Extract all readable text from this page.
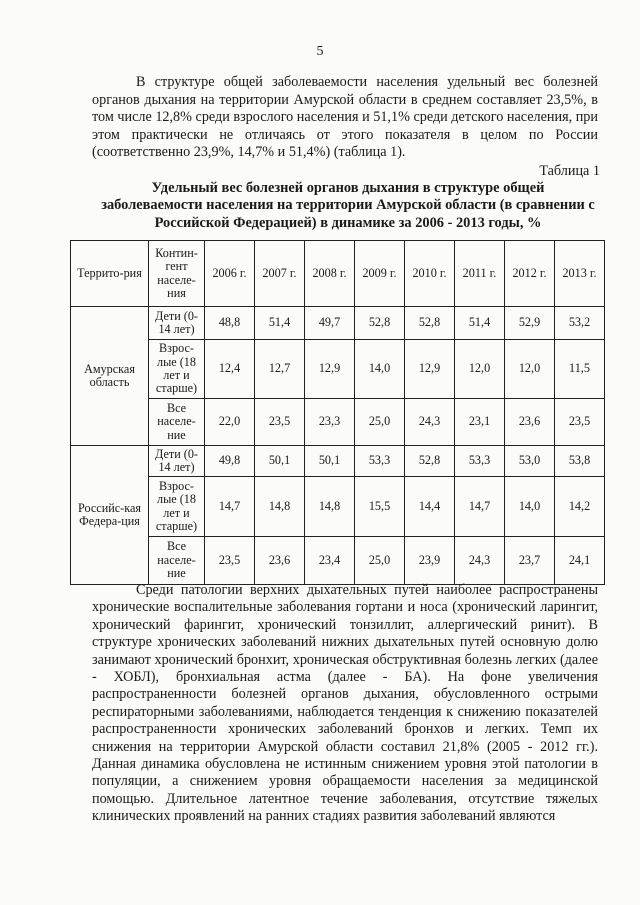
5

В структуре общей заболеваемости населения удельный вес болезней органов дыхания на территории Амурской области в среднем составляет 23,5%, в том числе 12,8% среди взрослого населения и 51,1% среди детского населения, при этом практически не отличаясь от этого показателя в целом по России (соответственно 23,9%, 14,7% и 51,4%) (таблица 1).

Таблица 1

Удельный вес болезней органов дыхания в структуре общей заболеваемости населения на территории Амурской области (в сравнении с Российской Федерацией) в динамике за 2006 - 2013 годы, %

Террито-рия	Контин-гент населе-ния	2006 г.	2007 г.	2008 г.	2009 г.	2010 г.	2011 г.	2012 г.	2013 г.
Амурская область	Дети (0-14 лет)	48,8	51,4	49,7	52,8	52,8	51,4	52,9	53,2
	Взрос-лые (18 лет и старше)	12,4	12,7	12,9	14,0	12,9	12,0	12,0	11,5
	Все населе-ние	22,0	23,5	23,3	25,0	24,3	23,1	23,6	23,5
Российс-кая Федера-ция	Дети (0-14 лет)	49,8	50,1	50,1	53,3	52,8	53,3	53,0	53,8
	Взрос-лые (18 лет и старше)	14,7	14,8	14,8	15,5	14,4	14,7	14,0	14,2
	Все населе-ние	23,5	23,6	23,4	25,0	23,9	24,3	23,7	24,1

Среди патологии верхних дыхательных путей наиболее распространены хронические воспалительные заболевания гортани и носа (хронический ларингит, хронический фарингит, хронический тонзиллит, аллергический ринит). В структуре хронических заболеваний нижних дыхательных путей основную долю занимают хронический бронхит, хроническая обструктивная болезнь легких (далее - ХОБЛ), бронхиальная астма (далее - БА). На фоне увеличения распространенности болезней органов дыхания, обусловленного острыми респираторными заболеваниями, наблюдается тенденция к снижению показателей распространенности хронических заболеваний бронхов и легких. Темп их снижения на территории Амурской области составил 21,8% (2005 - 2012 гг.). Данная динамика обусловлена не истинным снижением уровня этой патологии в популяции, а снижением уровня обращаемости населения за медицинской помощью. Длительное латентное течение заболевания, отсутствие тяжелых клинических проявлений на ранних стадиях развития заболеваний являются
